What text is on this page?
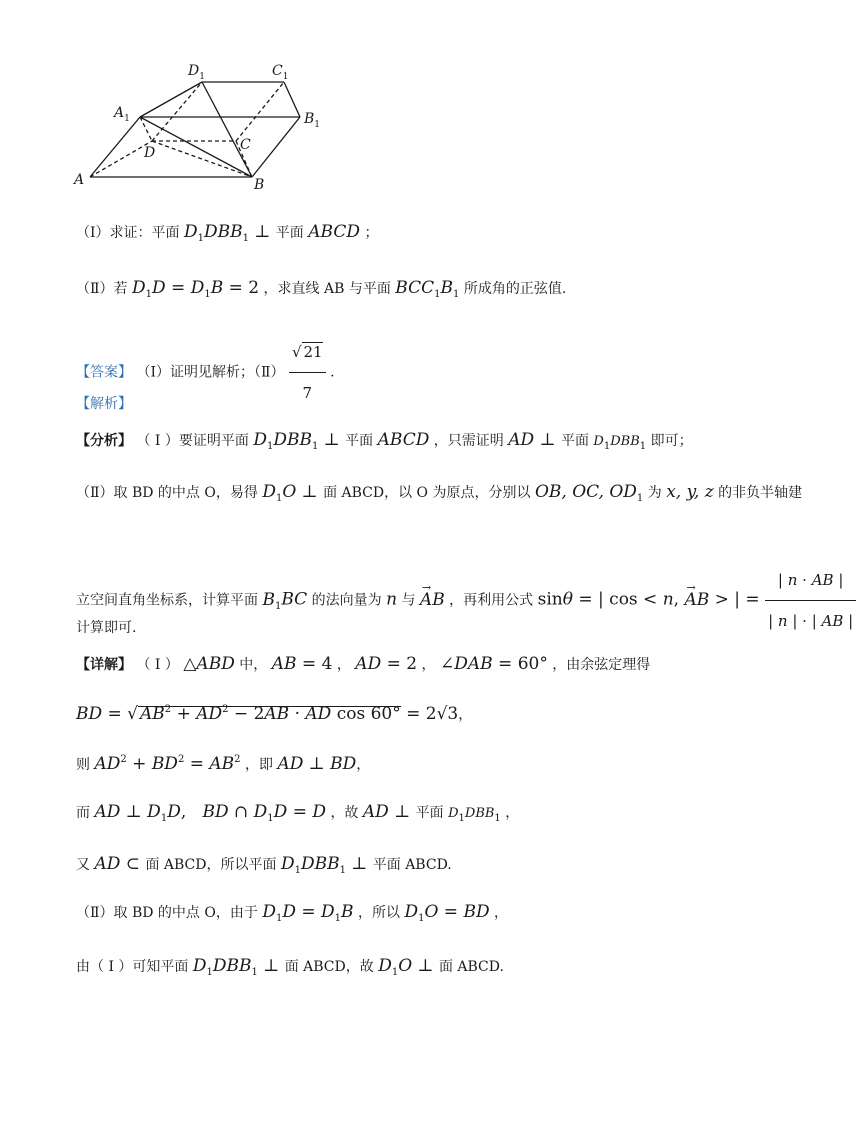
$D_1$	$C_1$
$A_1$	$B_1$
C
D
A	B
（I）求证：平面 $D_1DBB_1$ ⊥ 平面 ABCD ；
（Ⅱ）若 $D_1D = D_1B = 2$ ，求直线 AB 与平面 $BCC_1B_1$ 所成角的正弦值.
【答案】 （I）证明见解析；（Ⅱ） $\frac{√ 21}{7}$ .
【解析】
【分析】 （ I ）要证明平面 $D_1DBB_1$ ⊥ 平面 ABCD ，只需证明 AD ⊥ 平面 $D_1DBB_1$ 即可；
（Ⅱ）取 BD 的中点 O，易得 $D_1O$ ⊥ 面 ABCD，以 O 为原点，分别以 OB, OC, $OD_1$ 为 x, y, z 的非负半轴建
立空间直角坐标系，计算平面 $B_1BC$ 的法向量为 n 与 → AB ，再利用公式 sinθ = | cos < n, → AB > | = $\frac{| n \cdot AB |}{| n | \cdot | AB |}$
计算即可.
【详解】 （ I ） △ABD 中， AB = 4 ， AD = 2 ， ∠DAB = 60° ，由余弦定理得
BD = √ $AB^2 + AD^2 - 2AB$ · AD cos 60° = 2√3，
则 $AD^2 + BD^2 = AB^2$ ，即 AD ⊥ BD，
而 AD ⊥ $D_1D$,   BD ∩ $D_1D = D$ ，故 AD ⊥ 平面 $D_1DBB_1$ ，
又 AD ⊂ 面 ABCD，所以平面 $D_1DBB_1$ ⊥ 平面 ABCD.
（Ⅱ）取 BD 的中点 O，由于 $D_1D = D_1B$ ，所以 $D_1O$ = BD ，
由（ I ）可知平面 $D_1DBB_1$ ⊥ 面 ABCD，故 $D_1O$ ⊥ 面 ABCD.
